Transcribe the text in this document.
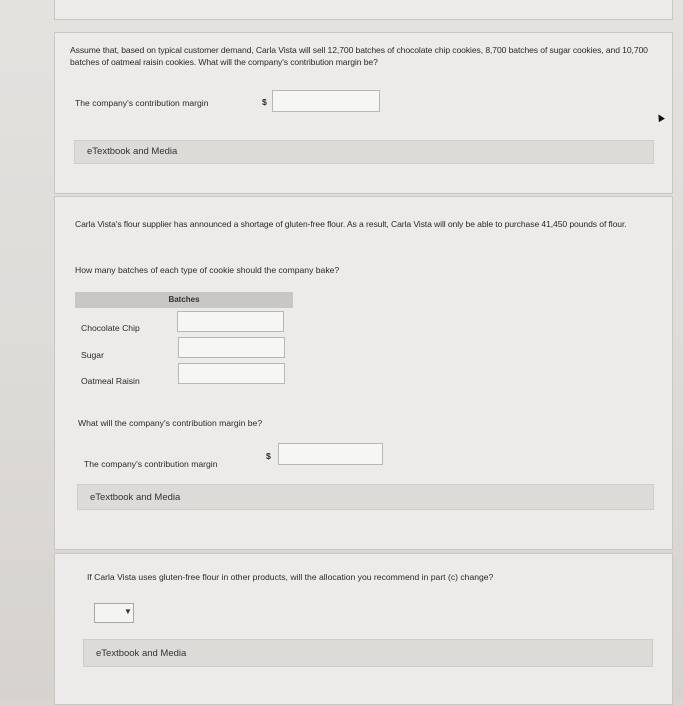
Assume that, based on typical customer demand, Carla Vista will sell 12,700 batches of chocolate chip cookies, 8,700 batches of sugar cookies, and 10,700 batches of oatmeal raisin cookies. What will the company's contribution margin be?
The company's contribution margin	$
eTextbook and Media
Carla Vista's flour supplier has announced a shortage of gluten-free flour. As a result, Carla Vista will only be able to purchase 41,450 pounds of flour.
How many batches of each type of cookie should the company bake?
Batches
Chocolate Chip
Sugar
Oatmeal Raisin
What will the company's contribution margin be?
The company's contribution margin
$
eTextbook and Media
If Carla Vista uses gluten-free flour in other products, will the allocation you recommend in part (c) change?
▼
eTextbook and Media
▲
